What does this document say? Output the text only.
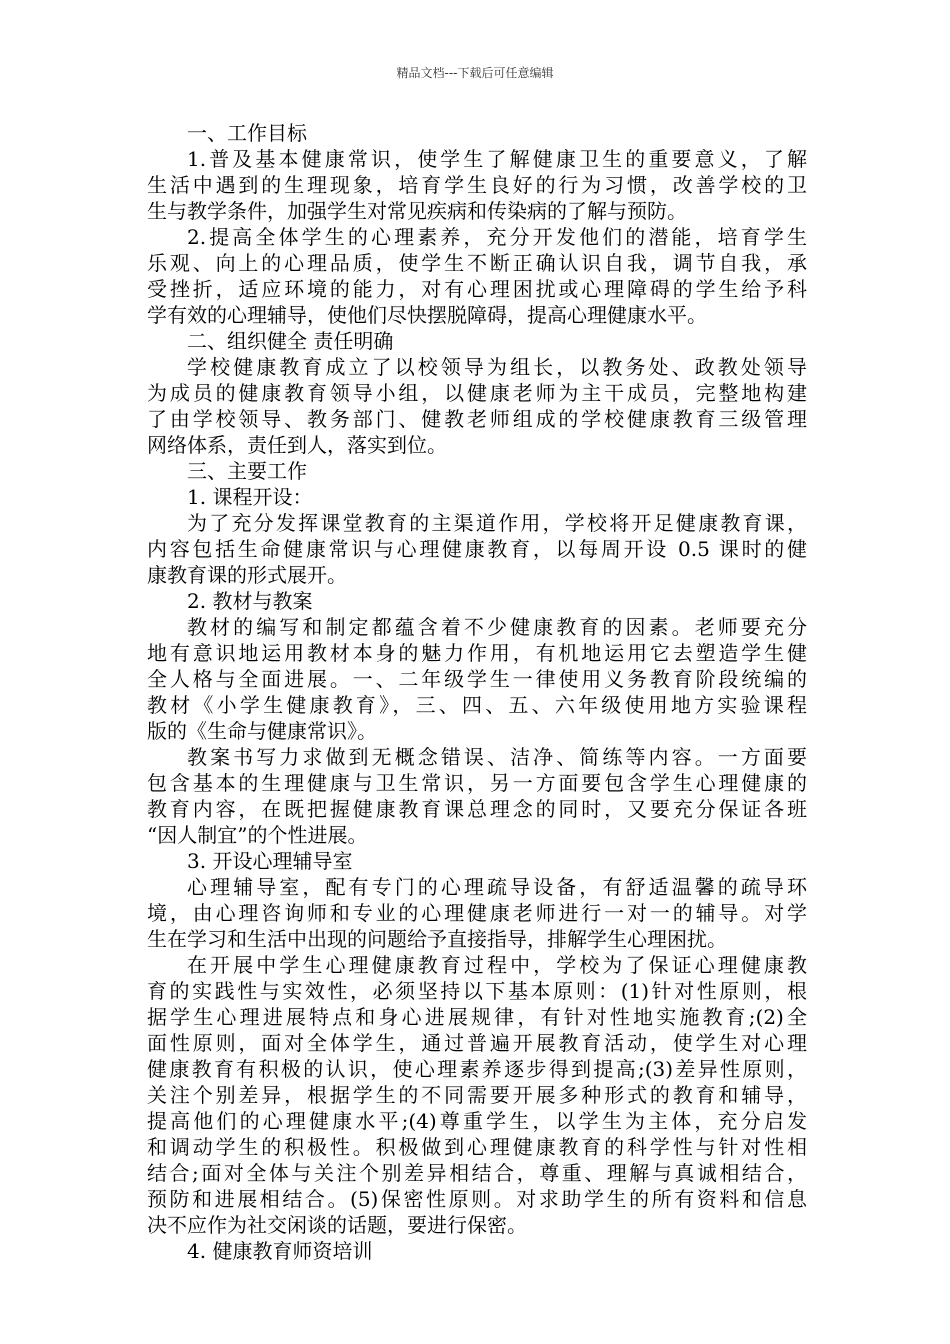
精品文档---下载后可任意编辑
一、工作目标
1.普及基本健康常识，使学生了解健康卫生的重要意义，了解
生活中遇到的生理现象，培育学生良好的行为习惯，改善学校的卫
生与教学条件，加强学生对常见疾病和传染病的了解与预防。
2.提高全体学生的心理素养，充分开发他们的潜能，培育学生
乐观、向上的心理品质，使学生不断正确认识自我，调节自我，承
受挫折，适应环境的能力，对有心理困扰或心理障碍的学生给予科
学有效的心理辅导，使他们尽快摆脱障碍，提高心理健康水平。
二、组织健全 责任明确
学校健康教育成立了以校领导为组长，以教务处、政教处领导
为成员的健康教育领导小组，以健康老师为主干成员，完整地构建
了由学校领导、教务部门、健教老师组成的学校健康教育三级管理
网络体系，责任到人，落实到位。
三、主要工作
1. 课程开设：
为了充分发挥课堂教育的主渠道作用，学校将开足健康教育课，
内容包括生命健康常识与心理健康教育，以每周开设 0.5 课时的健
康教育课的形式展开。
2. 教材与教案
教材的编写和制定都蕴含着不少健康教育的因素。老师要充分
地有意识地运用教材本身的魅力作用，有机地运用它去塑造学生健
全人格与全面进展。一、二年级学生一律使用义务教育阶段统编的
教材《小学生健康教育》，三、四、五、六年级使用地方实验课程
版的《生命与健康常识》。
教案书写力求做到无概念错误、洁净、简练等内容。一方面要
包含基本的生理健康与卫生常识，另一方面要包含学生心理健康的
教育内容，在既把握健康教育课总理念的同时，又要充分保证各班
“因人制宜”的个性进展。
3. 开设心理辅导室
心理辅导室，配有专门的心理疏导设备，有舒适温馨的疏导环
境，由心理咨询师和专业的心理健康老师进行一对一的辅导。对学
生在学习和生活中出现的问题给予直接指导，排解学生心理困扰。
在开展中学生心理健康教育过程中，学校为了保证心理健康教
育的实践性与实效性，必须坚持以下基本原则：(1)针对性原则，根
据学生心理进展特点和身心进展规律，有针对性地实施教育;(2)全
面性原则，面对全体学生，通过普遍开展教育活动，使学生对心理
健康教育有积极的认识，使心理素养逐步得到提高;(3)差异性原则，
关注个别差异，根据学生的不同需要开展多种形式的教育和辅导，
提高他们的心理健康水平;(4)尊重学生，以学生为主体，充分启发
和调动学生的积极性。积极做到心理健康教育的科学性与针对性相
结合;面对全体与关注个别差异相结合，尊重、理解与真诚相结合，
预防和进展相结合。(5)保密性原则。对求助学生的所有资料和信息
决不应作为社交闲谈的话题，要进行保密。
4. 健康教育师资培训
